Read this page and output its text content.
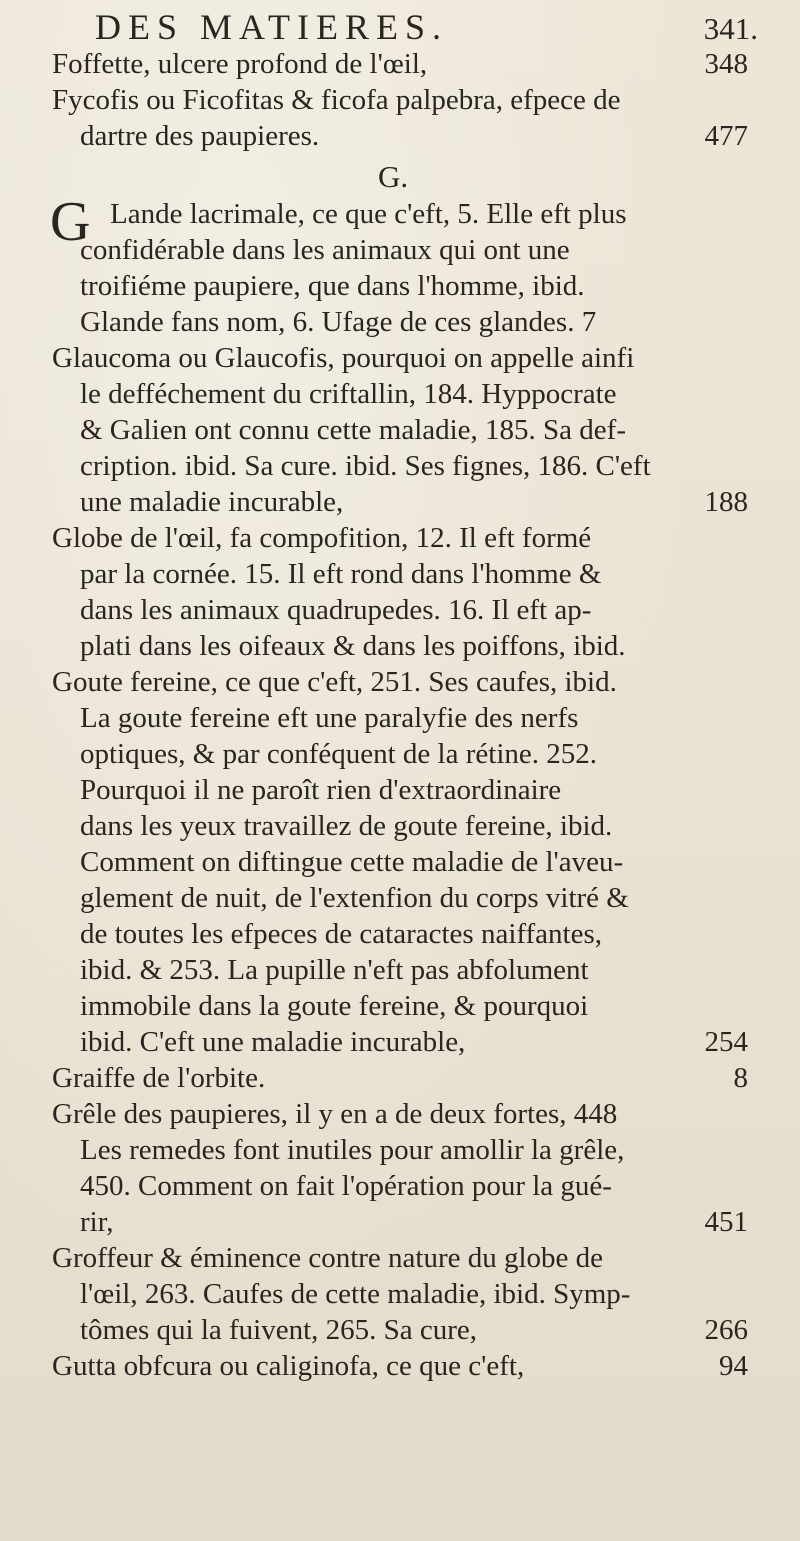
DES MATIERES.	341.
Foffette, ulcere profond de l'œil,	348
Fycofis ou Ficofitas & ficofa palpebra, efpece de
dartre des paupieres.	477
G.
G Lande lacrimale, ce que c'eft, 5. Elle eft plus
confidérable dans les animaux qui ont une
troifiéme paupiere, que dans l'homme, ibid.
Glande fans nom, 6. Ufage de ces glandes. 7
Glaucoma ou Glaucofis, pourquoi on appelle ainfi
le defféchement du criftallin, 184. Hyppocrate
& Galien ont connu cette maladie, 185. Sa def-
cription. ibid. Sa cure. ibid. Ses fignes, 186. C'eft
une maladie incurable,	188
Globe de l'œil, fa compofition, 12. Il eft formé
par la cornée. 15. Il eft rond dans l'homme &
dans les animaux quadrupedes. 16. Il eft ap-
plati dans les oifeaux & dans les poiffons, ibid.
Goute fereine, ce que c'eft, 251. Ses caufes, ibid.
La goute fereine eft une paralyfie des nerfs
optiques, & par conféquent de la rétine. 252.
Pourquoi il ne paroît rien d'extraordinaire
dans les yeux travaillez de goute fereine, ibid.
Comment on diftingue cette maladie de l'aveu-
glement de nuit, de l'extenfion du corps vitré &
de toutes les efpeces de cataractes naiffantes,
ibid. & 253. La pupille n'eft pas abfolument
immobile dans la goute fereine, & pourquoi
ibid. C'eft une maladie incurable,	254
Graiffe de l'orbite.	8
Grêle des paupieres, il y en a de deux fortes, 448
Les remedes font inutiles pour amollir la grêle,
450. Comment on fait l'opération pour la gué-
rir,	451
Groffeur & éminence contre nature du globe de
l'œil, 263. Caufes de cette maladie, ibid. Symp-
tômes qui la fuivent, 265. Sa cure,	266
Gutta obfcura ou caliginofa, ce que c'eft,	94
